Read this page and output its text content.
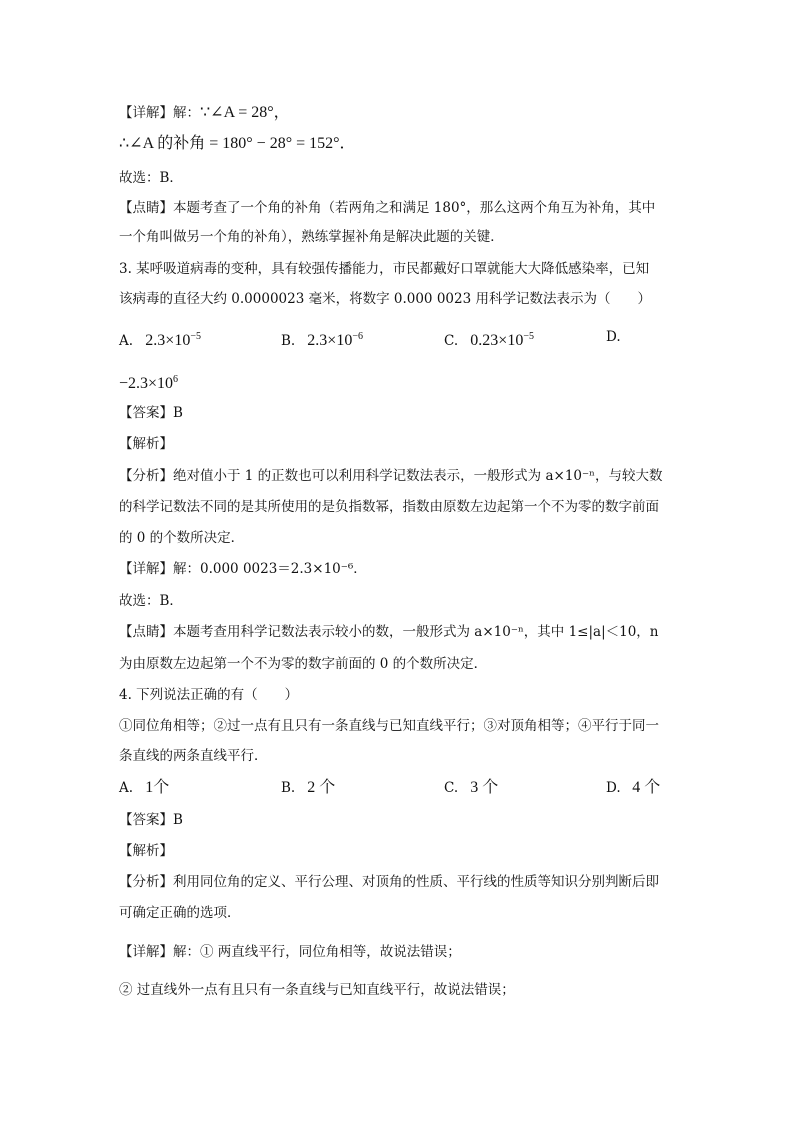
【详解】解：∵∠A = 28°，
∴∠A 的补角 = 180° − 28° = 152°．
故选：B．
【点睛】本题考查了一个角的补角（若两角之和满足 180°，那么这两个角互为补角，其中
一个角叫做另一个角的补角），熟练掌握补角是解决此题的关键．
3. 某呼吸道病毒的变种，具有较强传播能力，市民都戴好口罩就能大大降低感染率，已知
该病毒的直径大约 0.0000023 毫米，将数字 0.000 0023 用科学记数法表示为（　　）
A. $2.3\times 10^{-5}$	B. $2.3\times 10^{-6}$	C. $0.23\times 10^{-5}$	D.
$-2.3\times 10^6$
【答案】B
【解析】
【分析】绝对值小于 1 的正数也可以利用科学记数法表示，一般形式为 a×10⁻ⁿ，与较大数
的科学记数法不同的是其所使用的是负指数幂，指数由原数左边起第一个不为零的数字前面
的 0 的个数所决定．
【详解】解：0.000 0023＝2.3×10⁻⁶．
故选：B．
【点睛】本题考查用科学记数法表示较小的数，一般形式为 a×10⁻ⁿ，其中 1≤|a|＜10，n
为由原数左边起第一个不为零的数字前面的 0 的个数所决定．
4. 下列说法正确的有（　　）
①同位角相等；②过一点有且只有一条直线与已知直线平行；③对顶角相等；④平行于同一
条直线的两条直线平行．
A. 1个	B. 2 个	C. 3 个	D. 4 个
【答案】B
【解析】
【分析】利用同位角的定义、平行公理、对顶角的性质、平行线的性质等知识分别判断后即
可确定正确的选项．
【详解】解：① 两直线平行，同位角相等，故说法错误；
② 过直线外一点有且只有一条直线与已知直线平行，故说法错误；
